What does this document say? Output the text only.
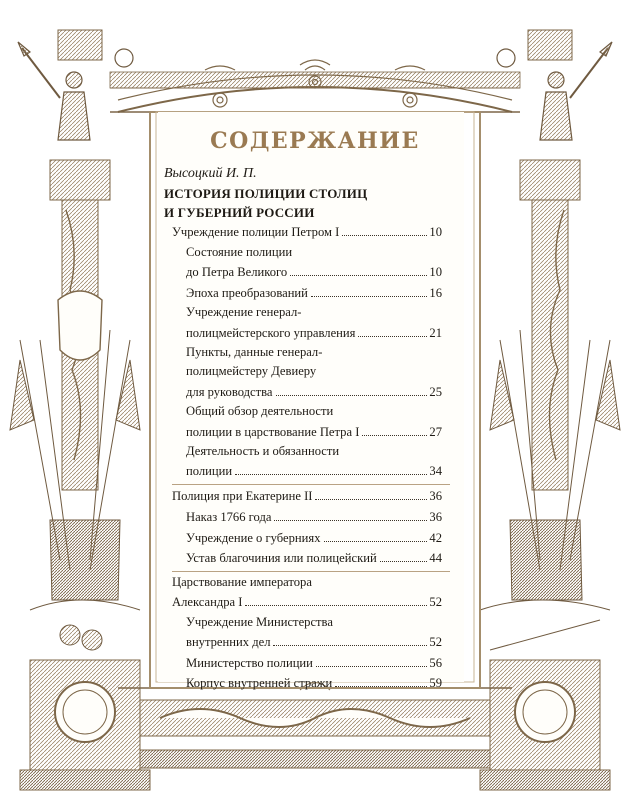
СОДЕРЖАНИЕ
Высоцкий И. П.
ИСТОРИЯ ПОЛИЦИИ СТОЛИЦ
И ГУБЕРНИЙ РОССИИ
Учреждение полиции Петром I	10
Состояние полиции
до Петра Великого	10
Эпоха преобразований	16
Учреждение генерал-
полицмейстерского управления	21
Пункты, данные генерал-
полицмейстеру Девиеру
для руководства	25
Общий обзор деятельности
полиции в царствование Петра I	27
Деятельность и обязанности
полиции	34
Полиция при Екатерине II	36
Наказ 1766 года	36
Учреждение о губерниях	42
Устав благочиния или полицейский	44
Царствование императора
Александра I	52
Учреждение Министерства
внутренних дел	52
Министерство полиции	56
Корпус внутренней стражи	59
